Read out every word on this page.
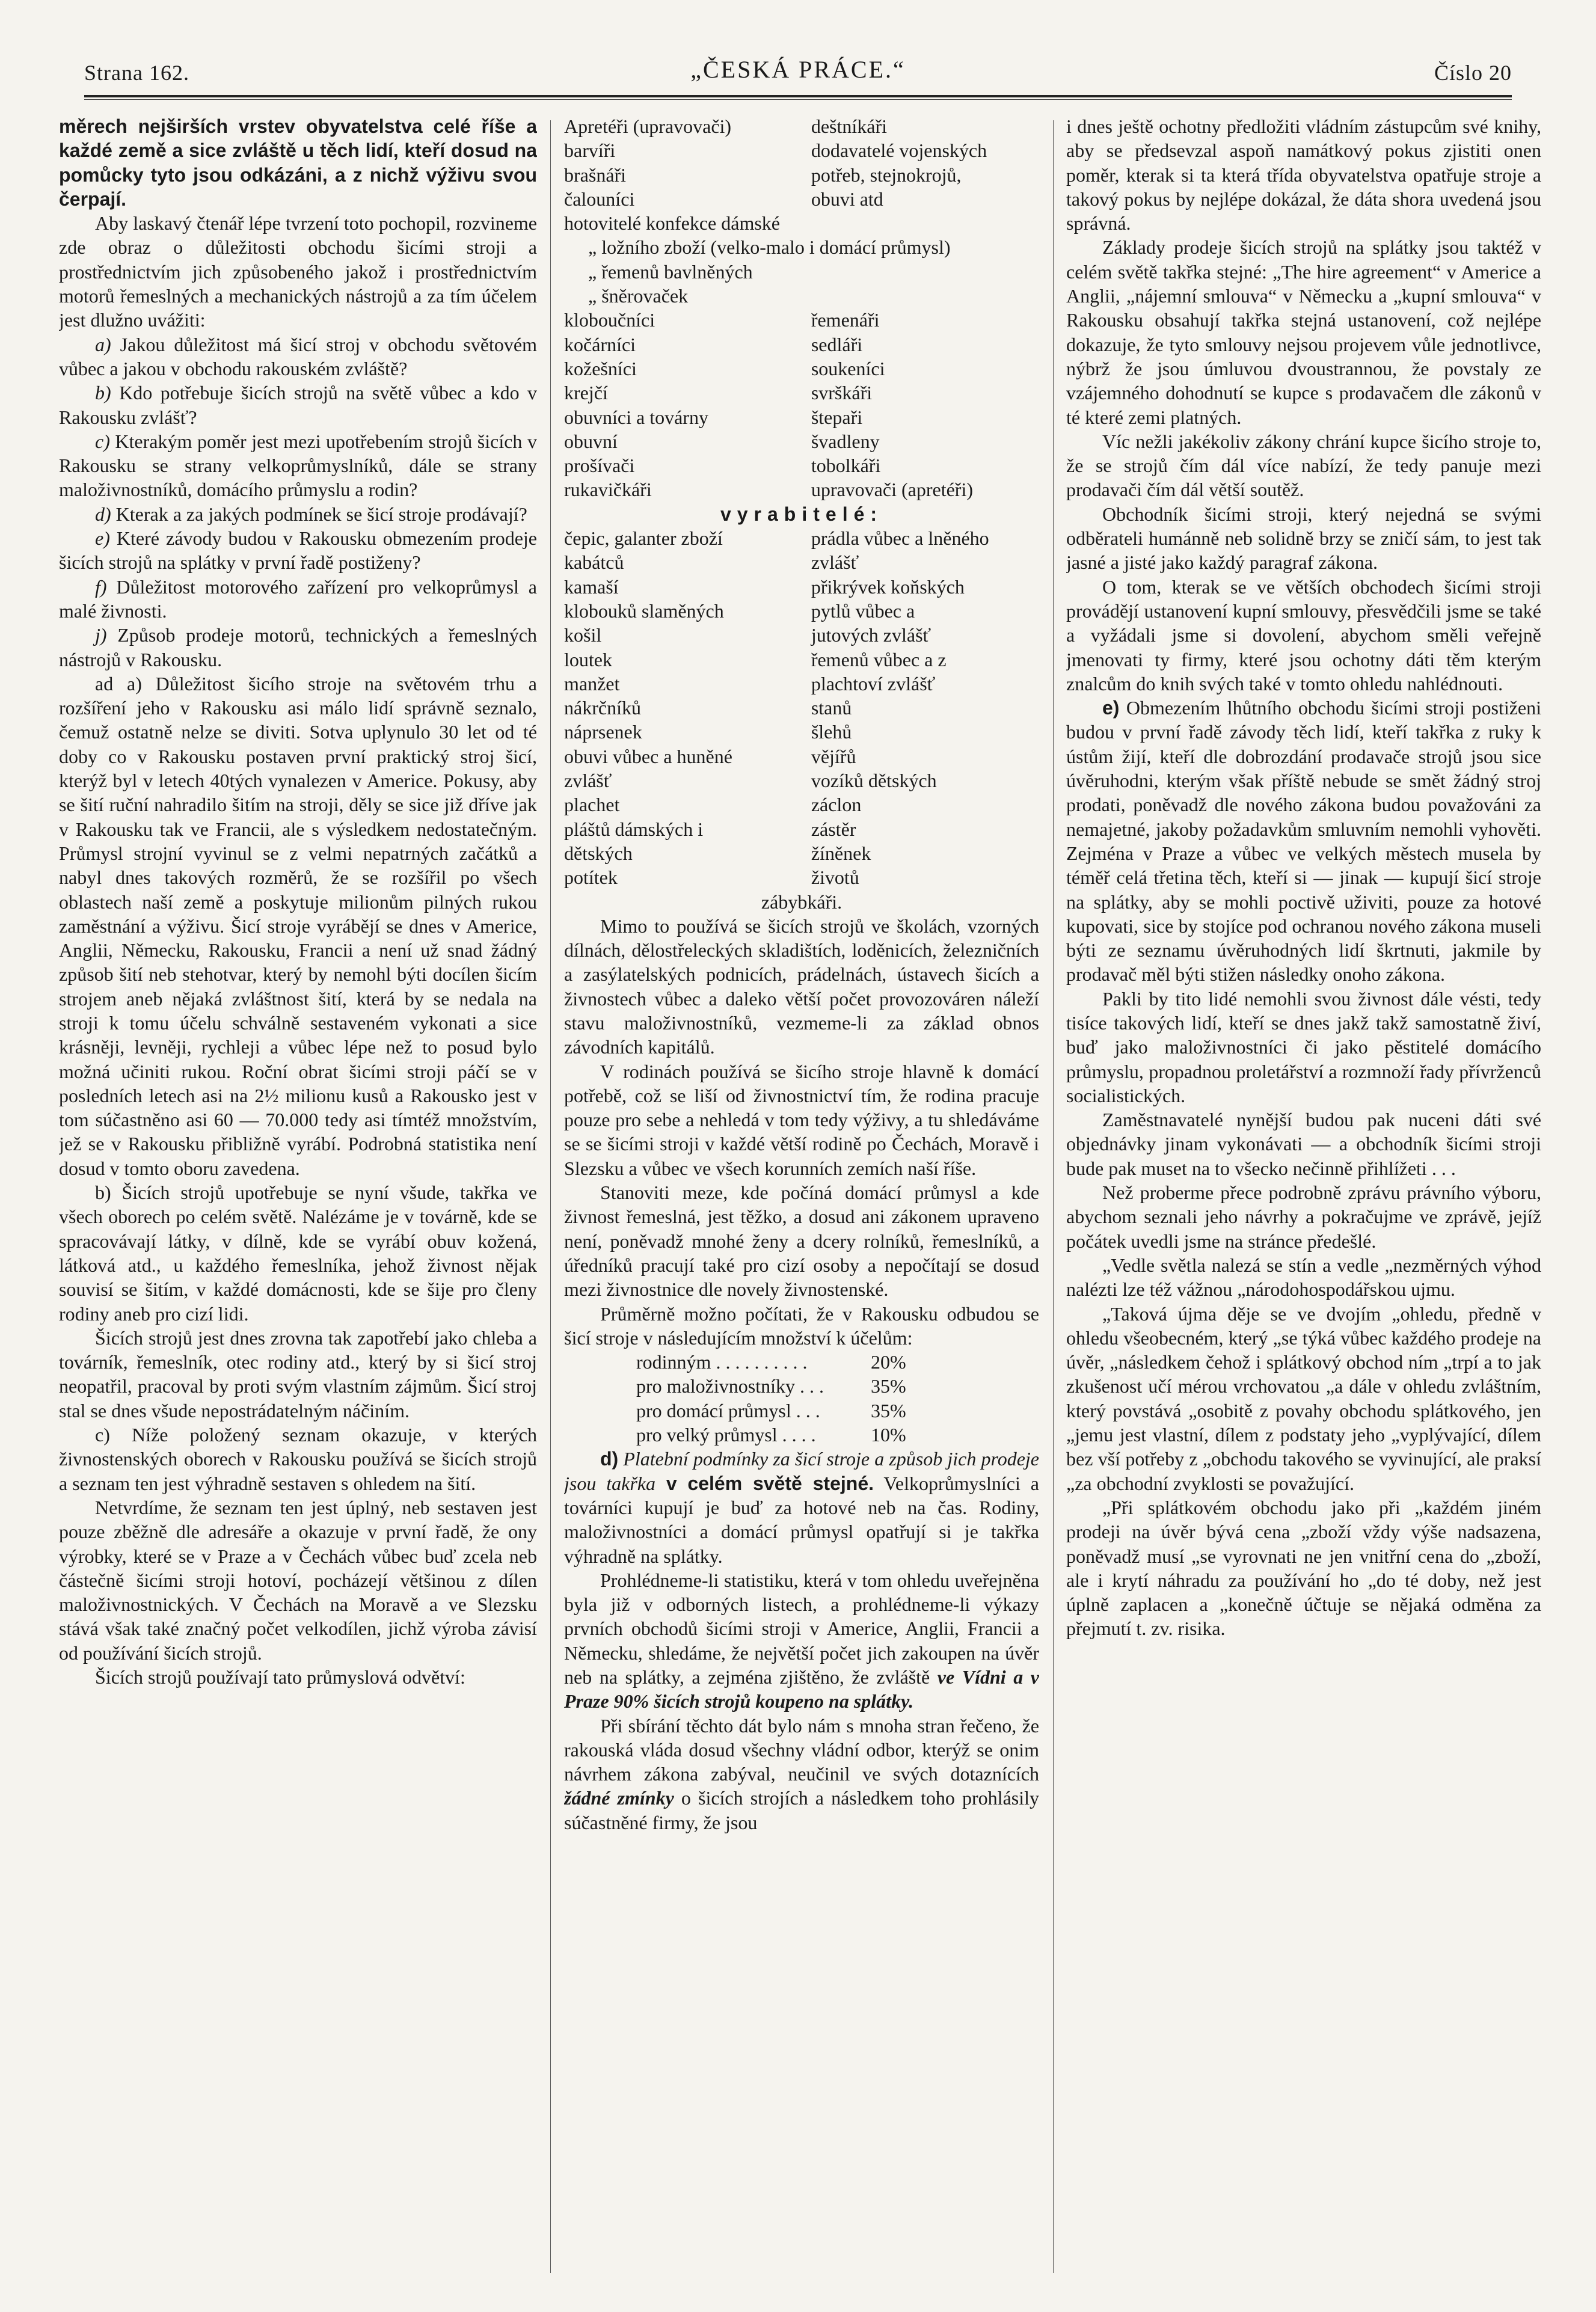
Strana 162.	„ČESKÁ PRÁCE.“	Číslo 20

měrech nejširších vrstev obyvatelstva celé říše a každé země a sice zvláště u těch lidí, kteří dosud na pomůcky tyto jsou odkázáni, a z nichž výživu svou čerpají.

Aby laskavý čtenář lépe tvrzení toto pochopil, rozvineme zde obraz o důležitosti obchodu šicími stroji a prostřednictvím jich způsobeného jakož i prostřednictvím motorů řemeslných a mechanických nástrojů a za tím účelem jest dlužno uvážiti:

a) Jakou důležitost má šicí stroj v obchodu světovém vůbec a jakou v obchodu rakouském zvláště?

b) Kdo potřebuje šicích strojů na světě vůbec a kdo v Rakousku zvlášť?

c) Kterakým poměr jest mezi upotřebením strojů šicích v Rakousku se strany velkoprůmyslníků, dále se strany maloživnostníků, domácího průmyslu a rodin?

d) Kterak a za jakých podmínek se šicí stroje prodávají?

e) Které závody budou v Rakousku obmezením prodeje šicích strojů na splátky v první řadě postiženy?

f) Důležitost motorového zařízení pro velkoprůmysl a malé živnosti.

j) Způsob prodeje motorů, technických a řemeslných nástrojů v Rakousku.

ad a) Důležitost šicího stroje na světovém trhu a rozšíření jeho v Rakousku asi málo lidí správně seznalo, čemuž ostatně nelze se diviti. Sotva uplynulo 30 let od té doby co v Rakousku postaven první praktický stroj šicí, kterýž byl v letech 40tých vynalezen v Americe. Pokusy, aby se šití ruční nahradilo šitím na stroji, děly se sice již dříve jak v Rakousku tak ve Francii, ale s výsledkem nedostatečným. Průmysl strojní vyvinul se z velmi nepatrných začátků a nabyl dnes takových rozměrů, že se rozšířil po všech oblastech naší země a poskytuje milionům pilných rukou zaměstnání a výživu. Šicí stroje vyrábějí se dnes v Americe, Anglii, Německu, Rakousku, Francii a není už snad žádný způsob šití neb stehotvar, který by nemohl býti docílen šicím strojem aneb nějaká zvláštnost šití, která by se nedala na stroji k tomu účelu schválně sestaveném vykonati a sice krásněji, levněji, rychleji a vůbec lépe než to posud bylo možná učiniti rukou. Roční obrat šicími stroji páčí se v posledních letech asi na 2½ milionu kusů a Rakousko jest v tom súčastněno asi 60 — 70.000 tedy asi tímtéž množstvím, jež se v Rakousku přibližně vyrábí. Podrobná statistika není dosud v tomto oboru zavedena.

b) Šicích strojů upotřebuje se nyní všude, takřka ve všech oborech po celém světě. Nalézáme je v továrně, kde se spracovávají látky, v dílně, kde se vyrábí obuv kožená, látková atd., u každého řemeslníka, jehož živnost nějak souvisí se šitím, v každé domácnosti, kde se šije pro členy rodiny aneb pro cizí lidi.

Šicích strojů jest dnes zrovna tak zapotřebí jako chleba a továrník, řemeslník, otec rodiny atd., který by si šicí stroj neopatřil, pracoval by proti svým vlastním zájmům. Šicí stroj stal se dnes všude nepostrádatelným náčiním.

c) Níže položený seznam okazuje, v kterých živnostenských oborech v Rakousku používá se šicích strojů a seznam ten jest výhradně sestaven s ohledem na šití.

Netvrdíme, že seznam ten jest úplný, neb sestaven jest pouze zběžně dle adresáře a okazuje v první řadě, že ony výrobky, které se v Praze a v Čechách vůbec buď zcela neb částečně šicími stroji hotoví, pocházejí většinou z dílen maloživnostnických. V Čechách na Moravě a ve Slezsku stává však také značný počet velkodílen, jichž výroba závisí od používání šicích strojů.

Šicích strojů používají tato průmyslová odvětví:

Apretéři (upravovači)	deštníkáři
barvíři	dodavatelé vojenských
brašnáři	potřeb, stejnokrojů,
čalouníci	obuvi atd
hotovitelé konfekce dámské
„ ložního zboží (velko-malo i domácí průmysl)
„ řemenů bavlněných
„ šněrovaček
kloboučníci	řemenáři
kočárníci	sedláři
kožešníci	soukeníci
krejčí	svrškáři
obuvníci a továrny	štepaři
obuvní	švadleny
prošívači	tobolkáři
rukavičkáři	upravovači (apretéři)
vyrabitelé:
čepic, galanter zboží	prádla vůbec a lněného
kabátců	zvlášť
kamaší	přikrývek koňských
klobouků slaměných	pytlů vůbec a
košil	jutových zvlášť
loutek	řemenů vůbec a z
manžet	plachtoví zvlášť
nákrčníků	stanů
náprsenek	šlehů
obuvi vůbec a huněné	vějířů
zvlášť	vozíků dětských
plachet	záclon
pláštů dámských i	zástěr
dětských	žíněnek
potítek	životů
zábybkáři.

Mimo to používá se šicích strojů ve školách, vzorných dílnách, dělostřeleckých skladištích, loděnicích, železničních a zasýlatelských podnicích, prádelnách, ústavech šicích a živnostech vůbec a daleko větší počet provozováren náleží stavu maloživnostníků, vezmeme-li za základ obnos závodních kapitálů.

V rodinách používá se šicího stroje hlavně k domácí potřebě, což se liší od živnostnictví tím, že rodina pracuje pouze pro sebe a nehledá v tom tedy výživy, a tu shledáváme se se šicími stroji v každé větší rodině po Čechách, Moravě i Slezsku a vůbec ve všech korunních zemích naší říše.

Stanoviti meze, kde počíná domácí průmysl a kde živnost řemeslná, jest těžko, a dosud ani zákonem upraveno není, poněvadž mnohé ženy a dcery rolníků, řemeslníků, a úředníků pracují také pro cizí osoby a nepočítají se dosud mezi živnostnice dle novely živnostenské.

Průměrně možno počítati, že v Rakousku odbudou se šicí stroje v následujícím množství k účelům:

rodinným . . . . . . . . . .	20%
pro maloživnostníky . . .	35%
pro domácí průmysl . . .	35%
pro velký průmysl . . . .	10%

d) Platební podmínky za šicí stroje a způsob jich prodeje jsou takřka v celém světě stejné. Velkoprůmyslníci a továrníci kupují je buď za hotové neb na čas. Rodiny, maloživnostníci a domácí průmysl opatřují si je takřka výhradně na splátky.

Prohlédneme-li statistiku, která v tom ohledu uveřejněna byla již v odborných listech, a prohlédneme-li výkazy prvních obchodů šicími stroji v Americe, Anglii, Francii a Německu, shledáme, že největší počet jich zakoupen na úvěr neb na splátky, a zejména zjištěno, že zvláště ve Vídni a v Praze 90% šicích strojů koupeno na splátky.

Při sbírání těchto dát bylo nám s mnoha stran řečeno, že rakouská vláda dosud všechny vládní odbor, kterýž se onim návrhem zákona zabýval, neučinil ve svých dotaznících žádné zmínky o šicích strojích a následkem toho prohlásily súčastněné firmy, že jsou

i dnes ještě ochotny předložiti vládním zástupcům své knihy, aby se předsevzal aspoň namátkový pokus zjistiti onen poměr, kterak si ta která třída obyvatelstva opatřuje stroje a takový pokus by nejlépe dokázal, že dáta shora uvedená jsou správná.

Základy prodeje šicích strojů na splátky jsou taktéž v celém světě takřka stejné: „The hire agreement“ v Americe a Anglii, „nájemní smlouva“ v Německu a „kupní smlouva“ v Rakousku obsahují takřka stejná ustanovení, což nejlépe dokazuje, že tyto smlouvy nejsou projevem vůle jednotlivce, nýbrž že jsou úmluvou dvoustrannou, že povstaly ze vzájemného dohodnutí se kupce s prodavačem dle zákonů v té které zemi platných.

Víc nežli jakékoliv zákony chrání kupce šicího stroje to, že se strojů čím dál více nabízí, že tedy panuje mezi prodavači čím dál větší soutěž.

Obchodník šicími stroji, který nejedná se svými odběrateli humánně neb solidně brzy se zničí sám, to jest tak jasné a jisté jako každý paragraf zákona.

O tom, kterak se ve větších obchodech šicími stroji provádějí ustanovení kupní smlouvy, přesvědčili jsme se také a vyžádali jsme si dovolení, abychom směli veřejně jmenovati ty firmy, které jsou ochotny dáti těm kterým znalcům do knih svých také v tomto ohledu nahlédnouti.

e) Obmezením lhůtního obchodu šicími stroji postiženi budou v první řadě závody těch lidí, kteří takřka z ruky k ústům žijí, kteří dle dobrozdání prodavače strojů jsou sice úvěruhodni, kterým však příště nebude se smět žádný stroj prodati, poněvadž dle nového zákona budou považováni za nemajetné, jakoby požadavkům smluvním nemohli vyhověti. Zejména v Praze a vůbec ve velkých městech musela by téměř celá třetina těch, kteří si — jinak — kupují šicí stroje na splátky, aby se mohli poctivě uživiti, pouze za hotové kupovati, sice by stojíce pod ochranou nového zákona museli býti ze seznamu úvěruhodných lidí škrtnuti, jakmile by prodavač měl býti stižen následky onoho zákona.

Pakli by tito lidé nemohli svou živnost dále vésti, tedy tisíce takových lidí, kteří se dnes jakž takž samostatně živí, buď jako maloživnostníci či jako pěstitelé domácího průmyslu, propadnou proletářství a rozmnoží řady přívrženců socialistických.

Zaměstnavatelé nynější budou pak nuceni dáti své objednávky jinam vykonávati — a obchodník šicími stroji bude pak muset na to všecko nečinně přihlížeti . . .

Než proberme přece podrobně zprávu právního výboru, abychom seznali jeho návrhy a pokračujme ve zprávě, jejíž počátek uvedli jsme na stránce předešlé.

„Vedle světla nalezá se stín a vedle „nezměrných výhod nalézti lze též vážnou „národohospodářskou ujmu.

„Taková újma děje se ve dvojím „ohledu, předně v ohledu všeobecném, který „se týká vůbec každého prodeje na úvěr, „následkem čehož i splátkový obchod ním „trpí a to jak zkušenost učí mérou vrchovatou „a dále v ohledu zvláštním, který povstává „osobitě z povahy obchodu splátkového, jen „jemu jest vlastní, dílem z podstaty jeho „vyplývající, dílem bez vší potřeby z „obchodu takového se vyvinující, ale praksí „za obchodní zvyklosti se považující.

„Při splátkovém obchodu jako při „každém jiném prodeji na úvěr bývá cena „zboží vždy výše nadsazena, poněvadž musí „se vyrovnati ne jen vnitřní cena do „zboží, ale i krytí náhradu za používání ho „do té doby, než jest úplně zaplacen a „konečně účtuje se nějaká odměna za přejmutí t. zv. risika.
